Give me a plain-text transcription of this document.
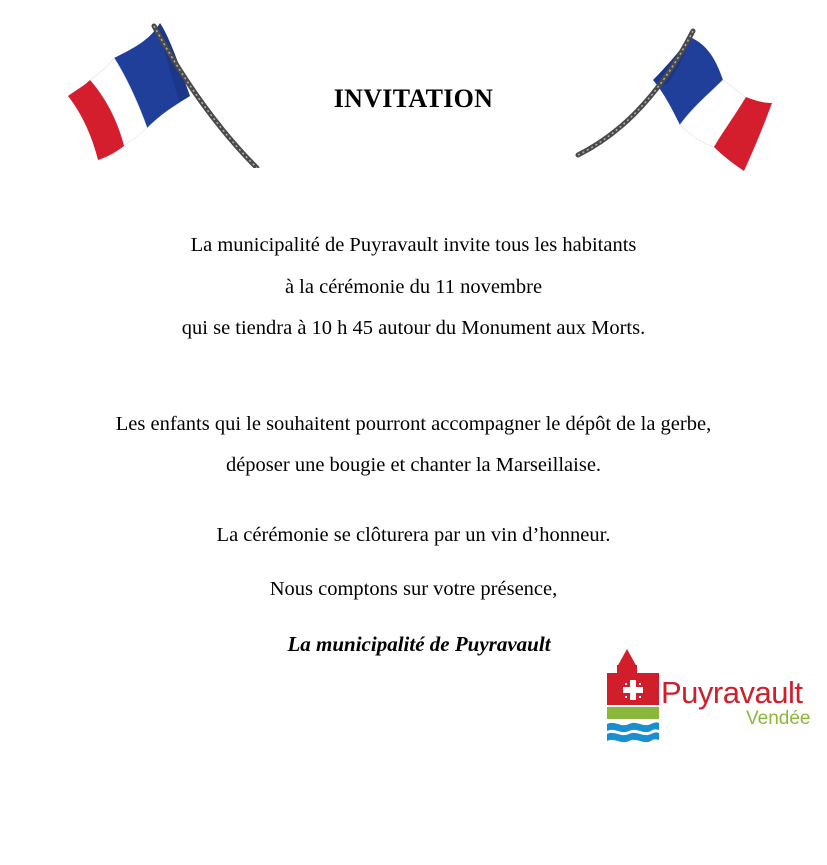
INVITATION
La municipalité de Puyravault invite tous les habitants
à la cérémonie du 11 novembre
qui se tiendra à 10 h 45 autour du Monument aux Morts.
Les enfants qui le souhaitent pourront accompagner le dépôt de la gerbe,
déposer une bougie et chanter la Marseillaise.
La cérémonie se clôturera par un vin d’honneur.
Nous comptons sur votre présence,
La municipalité de Puyravault
Puyravault
Vendée
